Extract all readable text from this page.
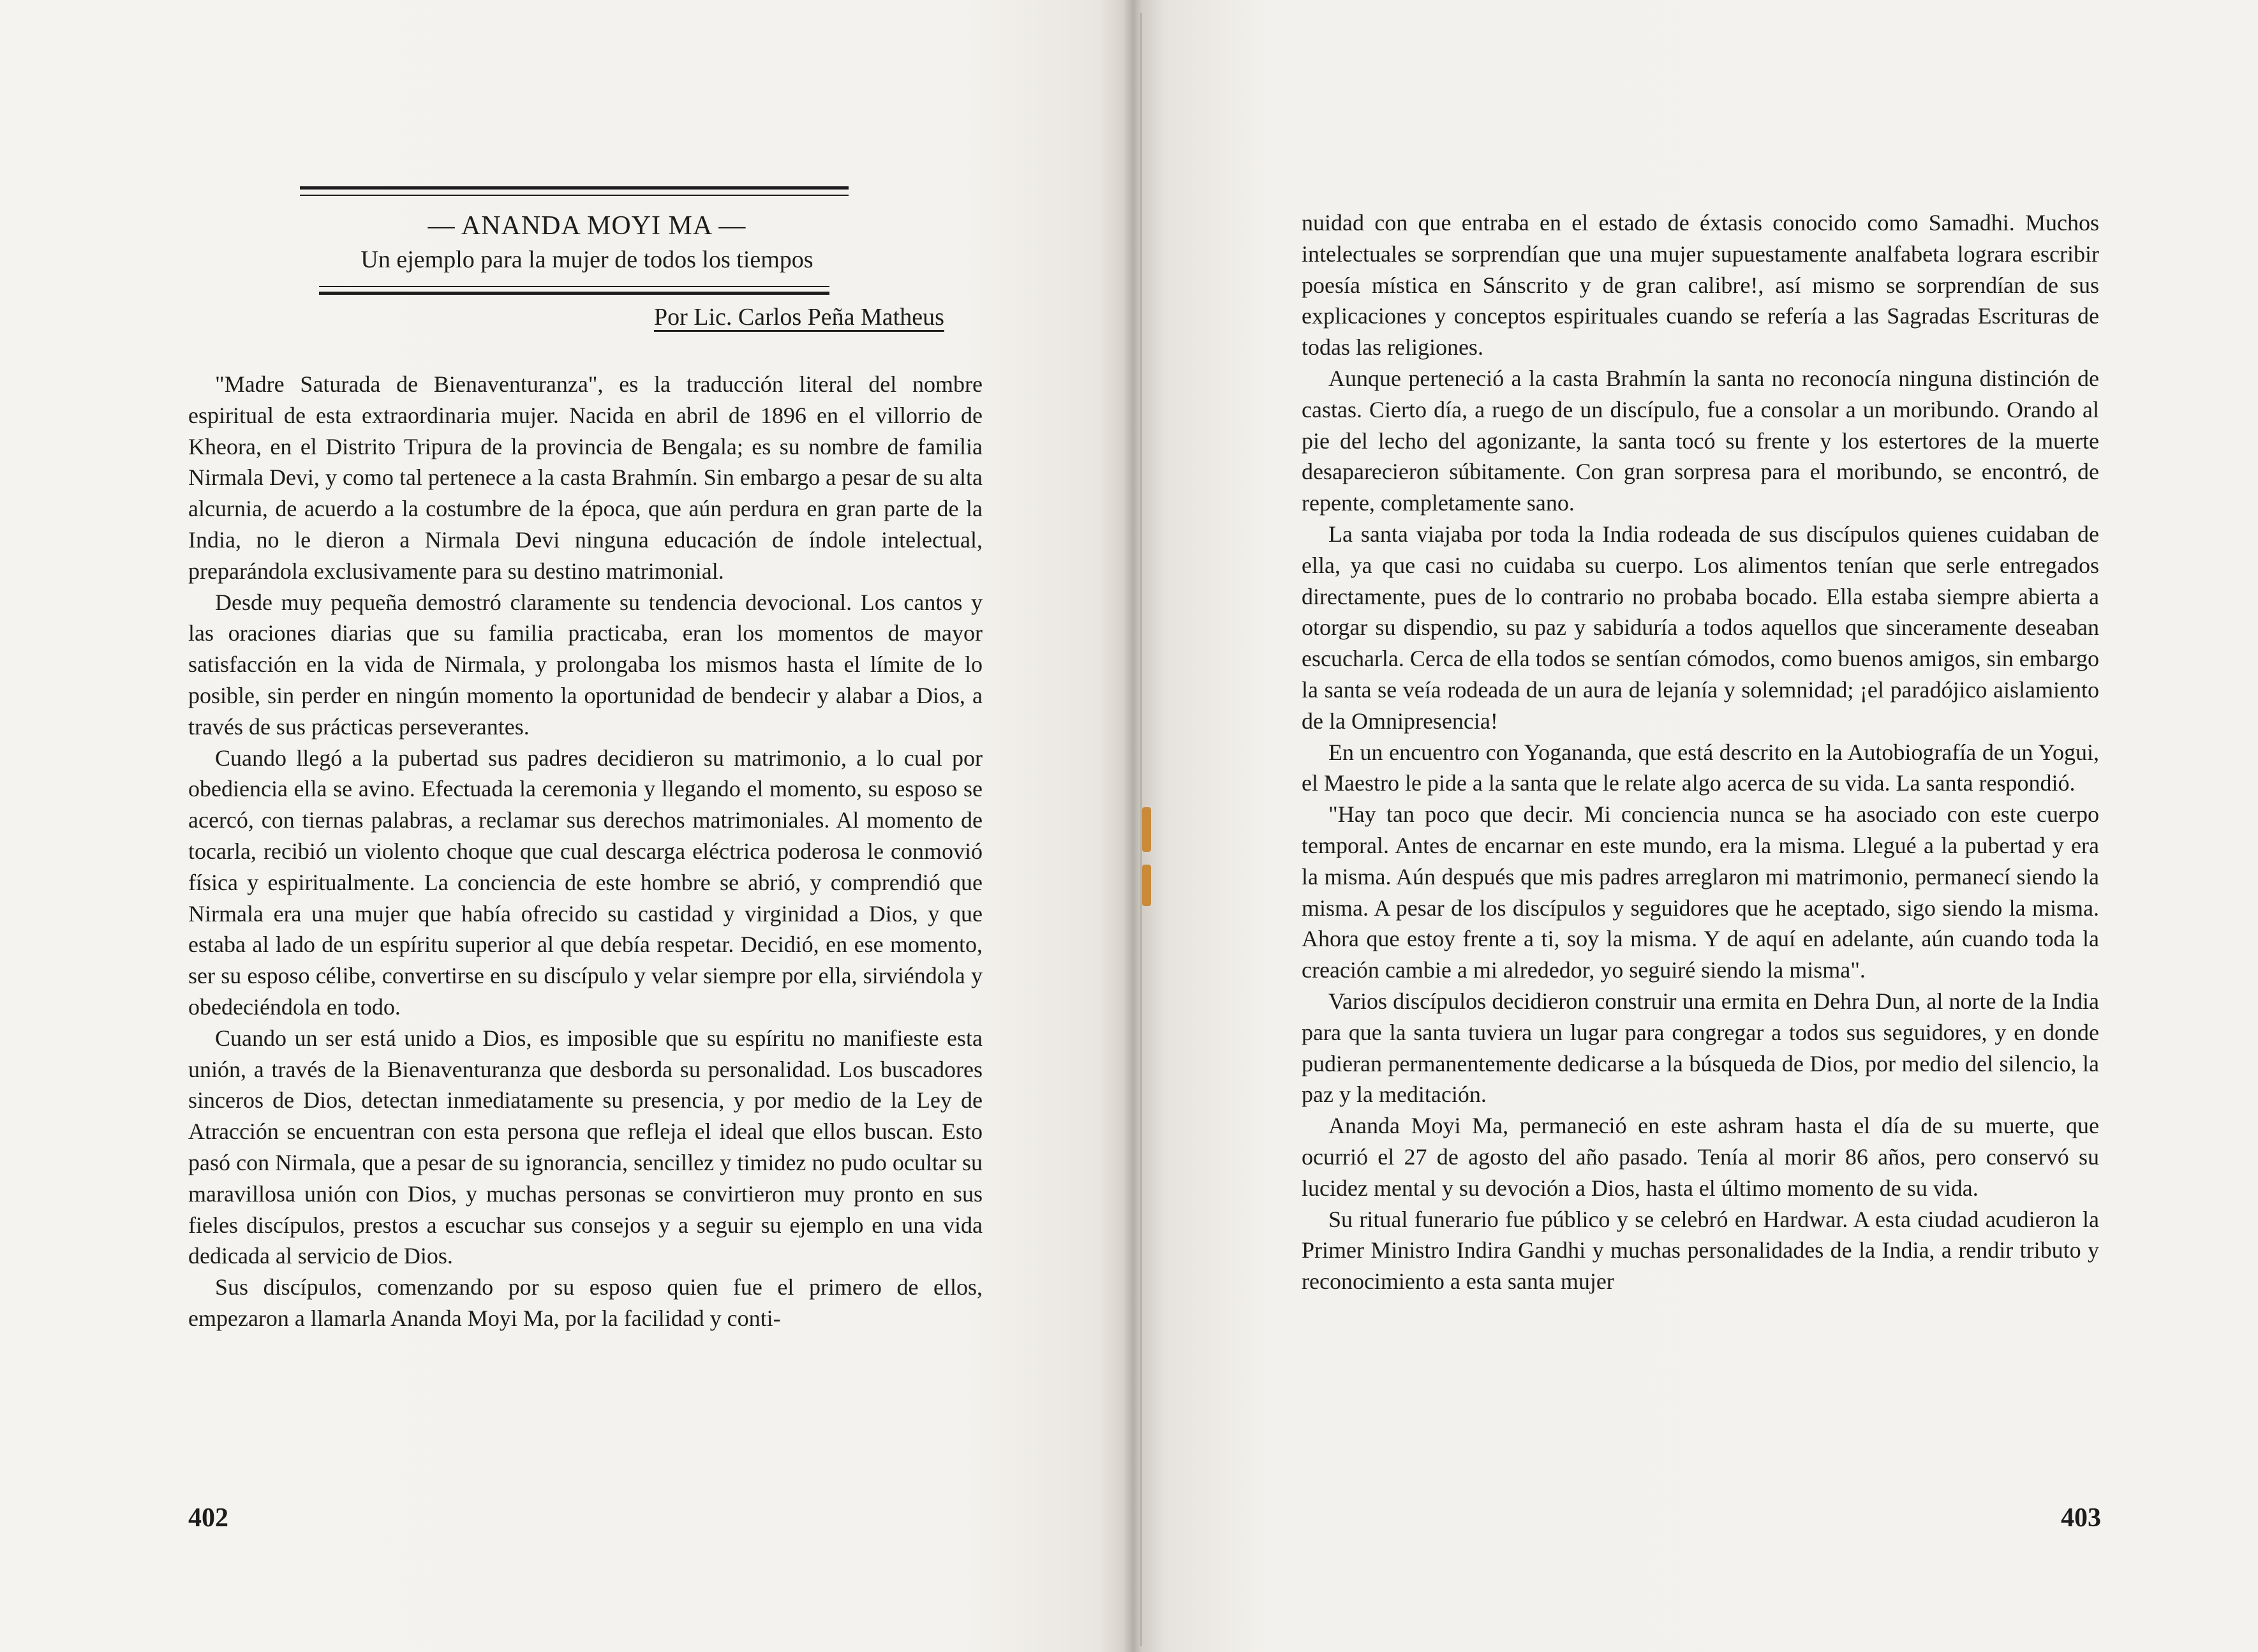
— ANANDA MOYI MA —
Un ejemplo para la mujer de todos los tiempos
Por Lic. Carlos Peña Matheus

"Madre Saturada de Bienaventuranza", es la traducción literal del nombre espiritual de esta extraordinaria mujer. Nacida en abril de 1896 en el villorrio de Kheora, en el Distrito Tripura de la provincia de Bengala; es su nombre de familia Nirmala Devi, y como tal pertenece a la casta Brahmín. Sin embargo a pesar de su alta alcurnia, de acuerdo a la costumbre de la época, que aún perdura en gran parte de la India, no le dieron a Nirmala Devi ninguna educación de índole intelectual, preparándola exclusivamente para su destino matrimonial.

Desde muy pequeña demostró claramente su tendencia devocional. Los cantos y las oraciones diarias que su familia practicaba, eran los momentos de mayor satisfacción en la vida de Nirmala, y prolongaba los mismos hasta el límite de lo posible, sin perder en ningún momento la oportunidad de bendecir y alabar a Dios, a través de sus prácticas perseverantes.

Cuando llegó a la pubertad sus padres decidieron su matrimonio, a lo cual por obediencia ella se avino. Efectuada la ceremonia y llegando el momento, su esposo se acercó, con tiernas palabras, a reclamar sus derechos matrimoniales. Al momento de tocarla, recibió un violento choque que cual descarga eléctrica poderosa le conmovió física y espiritualmente. La conciencia de este hombre se abrió, y comprendió que Nirmala era una mujer que había ofrecido su castidad y virginidad a Dios, y que estaba al lado de un espíritu superior al que debía respetar. Decidió, en ese momento, ser su esposo célibe, convertirse en su discípulo y velar siempre por ella, sirviéndola y obedeciéndola en todo.

Cuando un ser está unido a Dios, es imposible que su espíritu no manifieste esta unión, a través de la Bienaventuranza que desborda su personalidad. Los buscadores sinceros de Dios, detectan inmediatamente su presencia, y por medio de la Ley de Atracción se encuentran con esta persona que refleja el ideal que ellos buscan. Esto pasó con Nirmala, que a pesar de su ignorancia, sencillez y timidez no pudo ocultar su maravillosa unión con Dios, y muchas personas se convirtieron muy pronto en sus fieles discípulos, prestos a escuchar sus consejos y a seguir su ejemplo en una vida dedicada al servicio de Dios.

Sus discípulos, comenzando por su esposo quien fue el primero de ellos, empezaron a llamarla Ananda Moyi Ma, por la facilidad y conti-

402

nuidad con que entraba en el estado de éxtasis conocido como Samadhi. Muchos intelectuales se sorprendían que una mujer supuestamente analfabeta lograra escribir poesía mística en Sánscrito y de gran calibre!, así mismo se sorprendían de sus explicaciones y conceptos espirituales cuando se refería a las Sagradas Escrituras de todas las religiones.

Aunque perteneció a la casta Brahmín la santa no reconocía ninguna distinción de castas. Cierto día, a ruego de un discípulo, fue a consolar a un moribundo. Orando al pie del lecho del agonizante, la santa tocó su frente y los estertores de la muerte desaparecieron súbitamente. Con gran sorpresa para el moribundo, se encontró, de repente, completamente sano.

La santa viajaba por toda la India rodeada de sus discípulos quienes cuidaban de ella, ya que casi no cuidaba su cuerpo. Los alimentos tenían que serle entregados directamente, pues de lo contrario no probaba bocado. Ella estaba siempre abierta a otorgar su dispendio, su paz y sabiduría a todos aquellos que sinceramente deseaban escucharla. Cerca de ella todos se sentían cómodos, como buenos amigos, sin embargo la santa se veía rodeada de un aura de lejanía y solemnidad; ¡el paradójico aislamiento de la Omnipresencia!

En un encuentro con Yogananda, que está descrito en la Autobiografía de un Yogui, el Maestro le pide a la santa que le relate algo acerca de su vida. La santa respondió.

"Hay tan poco que decir. Mi conciencia nunca se ha asociado con este cuerpo temporal. Antes de encarnar en este mundo, era la misma. Llegué a la pubertad y era la misma. Aún después que mis padres arreglaron mi matrimonio, permanecí siendo la misma. A pesar de los discípulos y seguidores que he aceptado, sigo siendo la misma. Ahora que estoy frente a ti, soy la misma. Y de aquí en adelante, aún cuando toda la creación cambie a mi alrededor, yo seguiré siendo la misma".

Varios discípulos decidieron construir una ermita en Dehra Dun, al norte de la India para que la santa tuviera un lugar para congregar a todos sus seguidores, y en donde pudieran permanentemente dedicarse a la búsqueda de Dios, por medio del silencio, la paz y la meditación.

Ananda Moyi Ma, permaneció en este ashram hasta el día de su muerte, que ocurrió el 27 de agosto del año pasado. Tenía al morir 86 años, pero conservó su lucidez mental y su devoción a Dios, hasta el último momento de su vida.

Su ritual funerario fue público y se celebró en Hardwar. A esta ciudad acudieron la Primer Ministro Indira Gandhi y muchas personalidades de la India, a rendir tributo y reconocimiento a esta santa mujer

403
